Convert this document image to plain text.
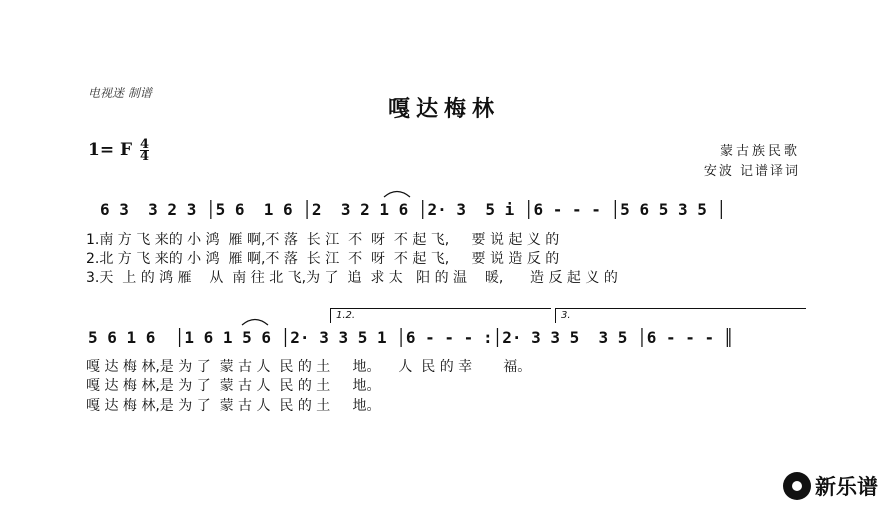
电视迷 制谱
嘎达梅林
1= F 4
4	蒙古族民歌
安波 记谱译词
6 3  3 2 3 │5 6  1 6 │2  3 2 1 6 │2· 3  5 i │6 - - - │5 6 5 3 5 │
1.南 方 飞 来的 小 鸿  雁 啊,不 落  长 江  不  呀  不 起 飞,     要 说 起 义 的
2.北 方 飞 来的 小 鸿  雁 啊,不 落  长 江  不  呀  不 起 飞,     要 说 造 反 的
3.天  上 的 鸿 雁    从  南 往 北 飞,为 了  追  求 太   阳 的 温    暖,      造 反 起 义 的
1.2.	3.
5 6 1 6  │1 6 1 5 6 │2· 3 3 5 1 │6 - - - :│2· 3 3 5  3 5 │6 - - - ║
嘎 达 梅 林,是 为 了  蒙 古 人  民 的 土     地。    人  民 的 幸       福。
嘎 达 梅 林,是 为 了  蒙 古 人  民 的 土     地。
嘎 达 梅 林,是 为 了  蒙 古 人  民 的 土     地。
新乐谱
